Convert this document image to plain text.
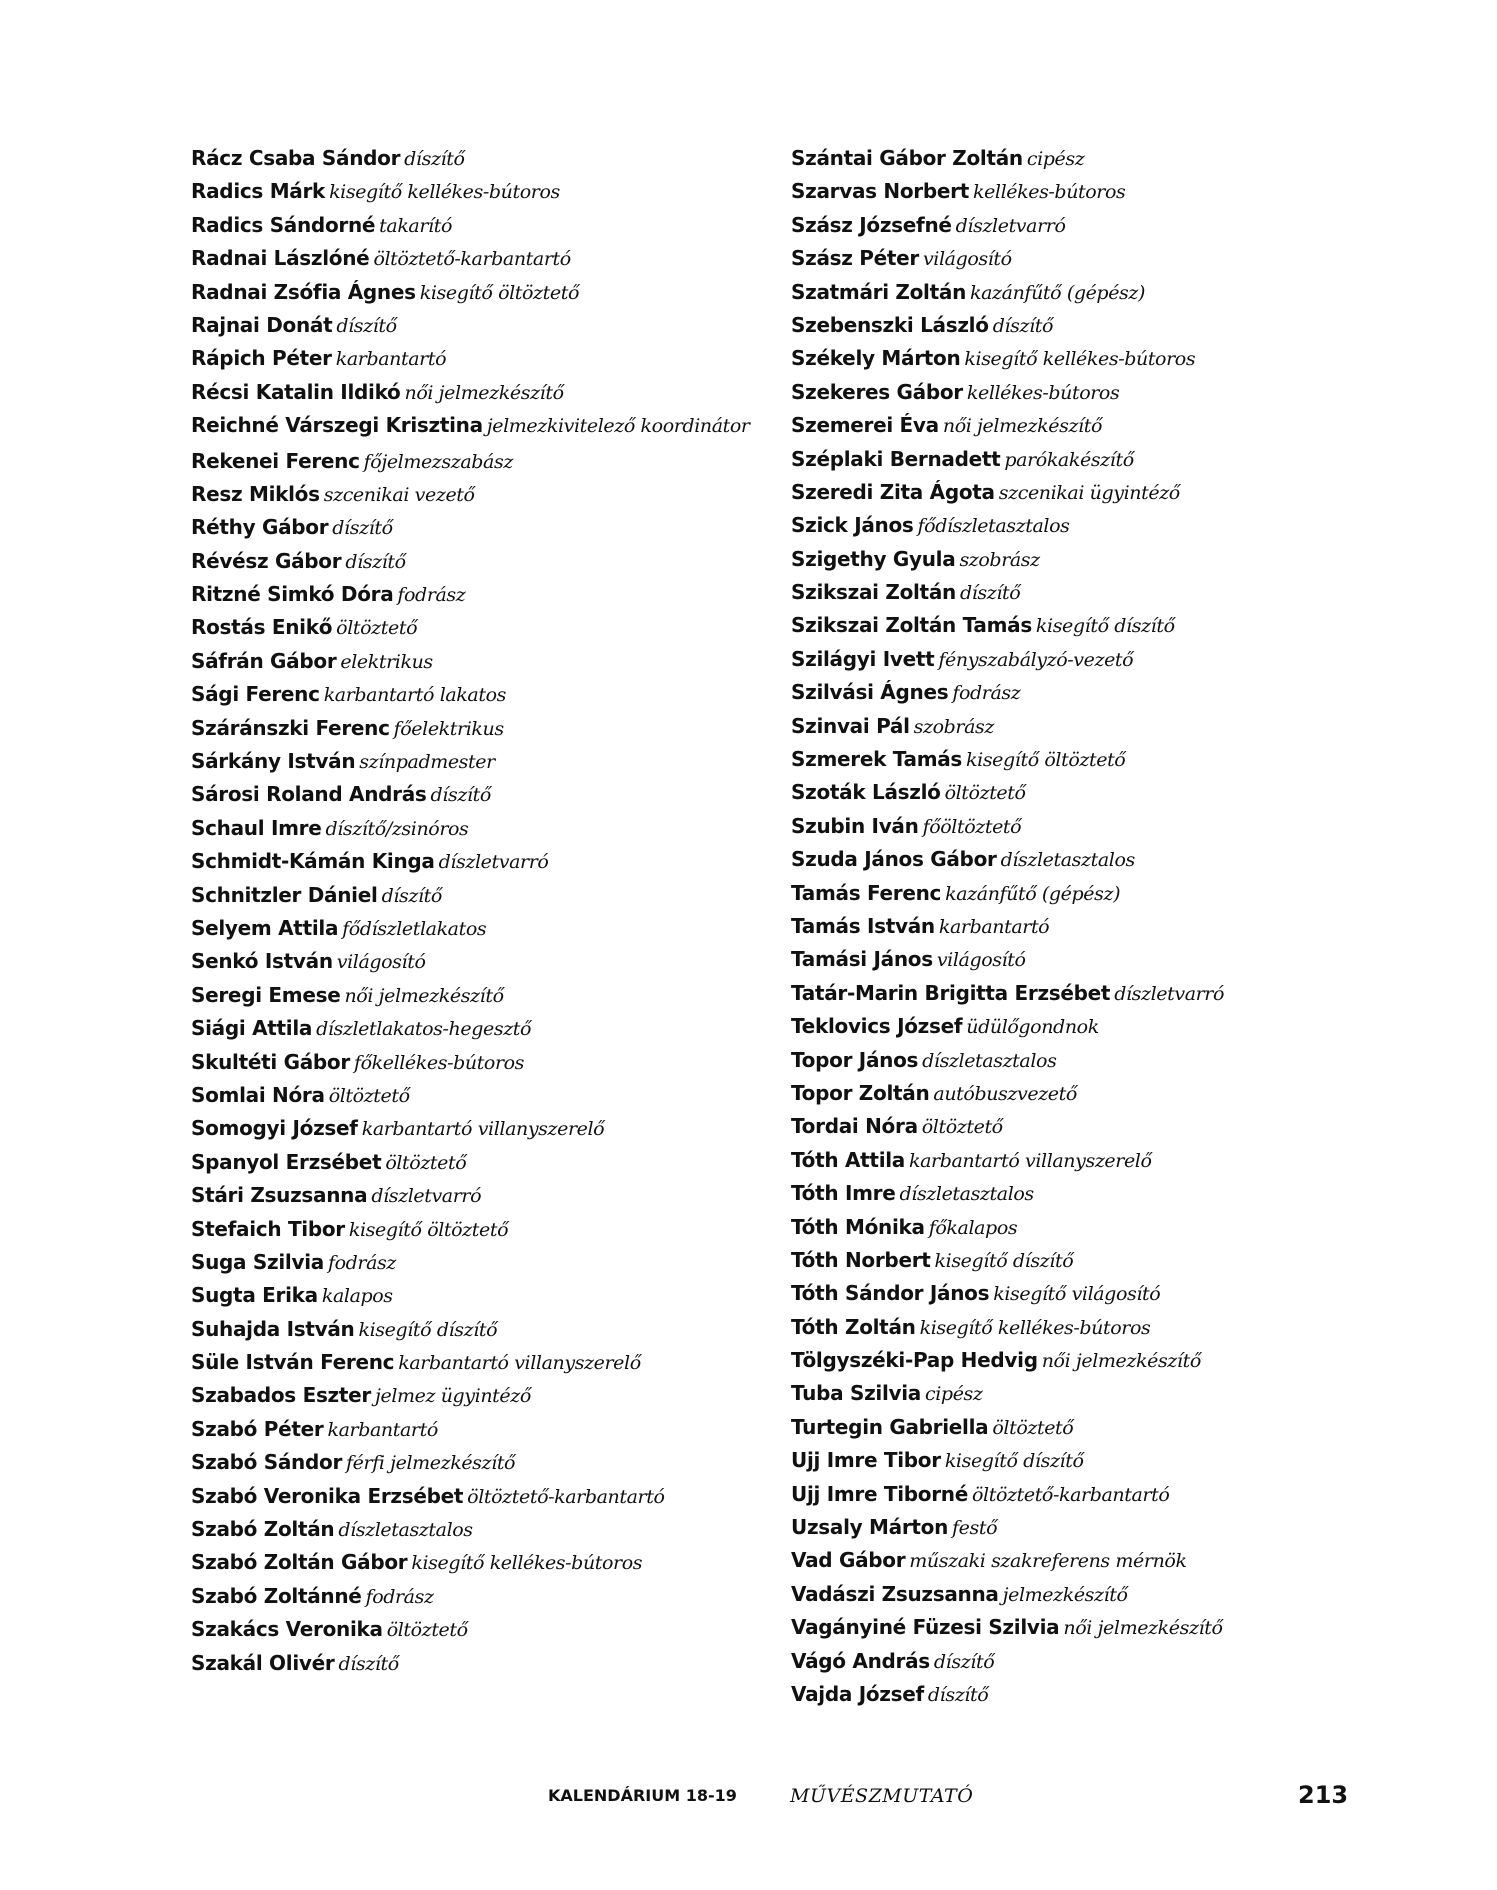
Rácz Csaba Sándor díszítő
Radics Márk kisegítő kellékes-bútoros
Radics Sándorné takarító
Radnai Lászlóné öltöztető-karbantartó
Radnai Zsófia Ágnes kisegítő öltöztető
Rajnai Donát díszítő
Rápich Péter karbantartó
Récsi Katalin Ildikó női jelmezkészítő
Reichné Várszegi Krisztina jelmezkivitelező koordinátor
Rekenei Ferenc főjelmezszabász
Resz Miklós szcenikai vezető
Réthy Gábor díszítő
Révész Gábor díszítő
Ritzné Simkó Dóra fodrász
Rostás Enikő öltöztető
Sáfrán Gábor elektrikus
Sági Ferenc karbantartó lakatos
Száránszki Ferenc főelektrikus
Sárkány István színpadmester
Sárosi Roland András díszítő
Schaul Imre díszítő/zsinóros
Schmidt-Kámán Kinga díszletvarró
Schnitzler Dániel díszítő
Selyem Attila fődíszletlakatos
Senkó István világosító
Seregi Emese női jelmezkészítő
Siági Attila díszletlakatos-hegesztő
Skultéti Gábor főkellékes-bútoros
Somlai Nóra öltöztető
Somogyi József karbantartó villanyszerelő
Spanyol Erzsébet öltöztető
Stári Zsuzsanna díszletvarró
Stefaich Tibor kisegítő öltöztető
Suga Szilvia fodrász
Sugta Erika kalapos
Suhajda István kisegítő díszítő
Süle István Ferenc karbantartó villanyszerelő
Szabados Eszter jelmez ügyintéző
Szabó Péter karbantartó
Szabó Sándor férfi jelmezkészítő
Szabó Veronika Erzsébet öltöztető-karbantartó
Szabó Zoltán díszletasztalos
Szabó Zoltán Gábor kisegítő kellékes-bútoros
Szabó Zoltánné fodrász
Szakács Veronika öltöztető
Szakál Olivér díszítő
Szántai Gábor Zoltán cipész
Szarvas Norbert kellékes-bútoros
Szász Józsefné díszletvarró
Szász Péter világosító
Szatmári Zoltán kazánfűtő (gépész)
Szebenszki László díszítő
Székely Márton kisegítő kellékes-bútoros
Szekeres Gábor kellékes-bútoros
Szemerei Éva női jelmezkészítő
Széplaki Bernadett parókakészítő
Szeredi Zita Ágota szcenikai ügyintéző
Szick János fődíszletasztalos
Szigethy Gyula szobrász
Szikszai Zoltán díszítő
Szikszai Zoltán Tamás kisegítő díszítő
Szilágyi Ivett fényszabályzó-vezető
Szilvási Ágnes fodrász
Szinvai Pál szobrász
Szmerek Tamás kisegítő öltöztető
Szoták László öltöztető
Szubin Iván főöltöztető
Szuda János Gábor díszletasztalos
Tamás Ferenc kazánfűtő (gépész)
Tamás István karbantartó
Tamási János világosító
Tatár-Marin Brigitta Erzsébet díszletvarró
Teklovics József üdülőgondnok
Topor János díszletasztalos
Topor Zoltán autóbuszvezető
Tordai Nóra öltöztető
Tóth Attila karbantartó villanyszerelő
Tóth Imre díszletasztalos
Tóth Mónika főkalapos
Tóth Norbert kisegítő díszítő
Tóth Sándor János kisegítő világosító
Tóth Zoltán kisegítő kellékes-bútoros
Tölgyszéki-Pap Hedvig női jelmezkészítő
Tuba Szilvia cipész
Turtegin Gabriella öltöztető
Ujj Imre Tibor kisegítő díszítő
Ujj Imre Tiborné öltöztető-karbantartó
Uzsaly Márton festő
Vad Gábor műszaki szakreferens mérnök
Vadászi Zsuzsanna jelmezkészítő
Vagányiné Füzesi Szilvia női jelmezkészítő
Vágó András díszítő
Vajda József díszítő
KALENDÁRIUM 18-19	MŰVÉSZMUTATÓ	213
